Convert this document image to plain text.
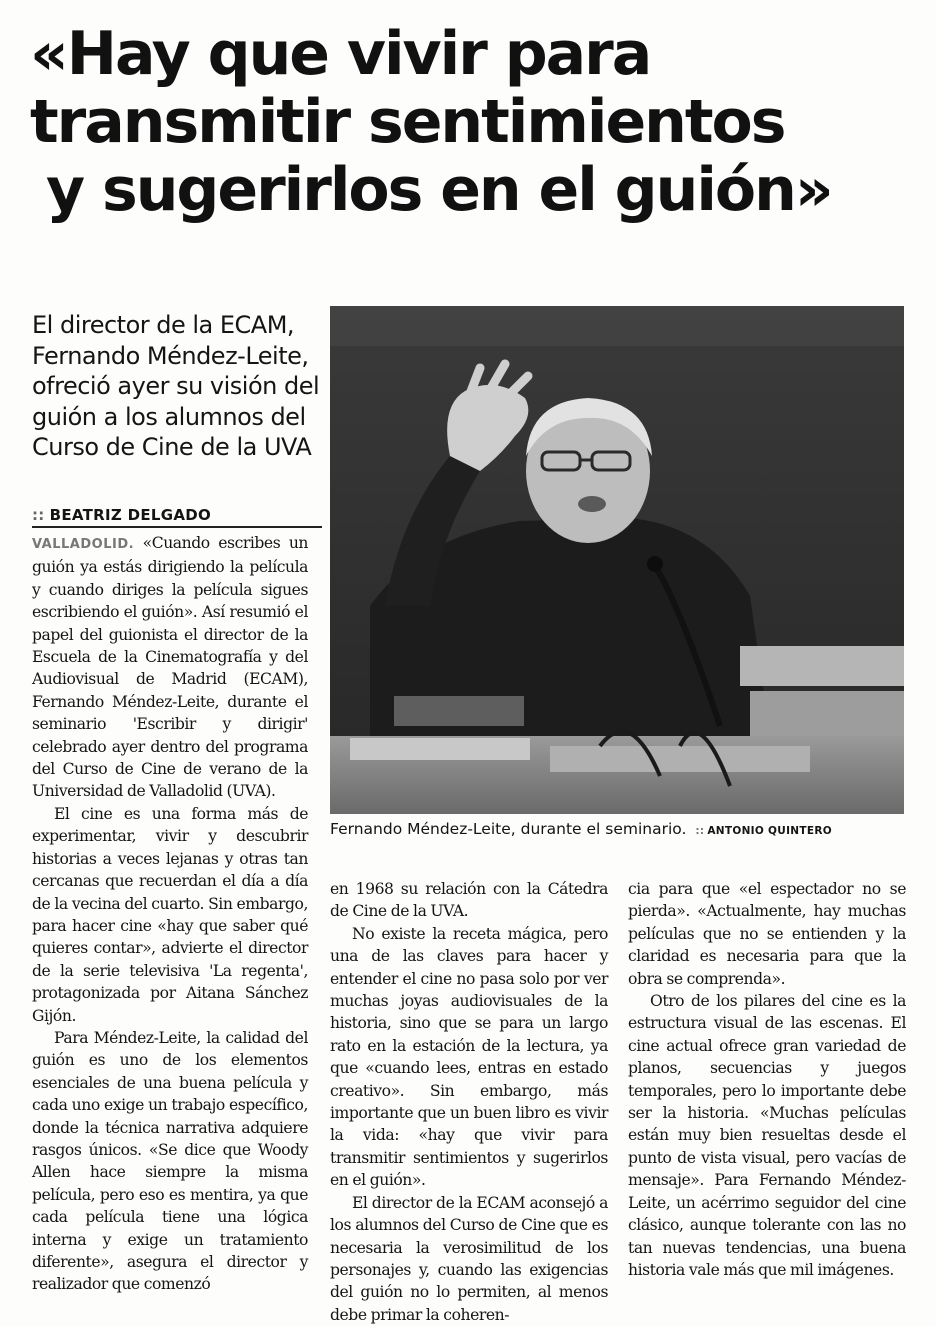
«Hay que vivir para
transmitir sentimientos
y sugerirlos en el guión»
El director de la ECAM, Fernando Méndez-Leite, ofreció ayer su visión del guión a los alumnos del Curso de Cine de la UVA
:: BEATRIZ DELGADO
Fernando Méndez-Leite, durante el seminario. :: ANTONIO QUINTERO

VALLADOLID. «Cuando escribes un guión ya estás dirigiendo la película y cuando diriges la película sigues escribiendo el guión». Así resumió el papel del guionista el director de la Escuela de la Cinematografía y del Audiovisual de Madrid (ECAM), Fernando Méndez-Leite, durante el seminario 'Escribir y dirigir' celebrado ayer dentro del programa del Curso de Cine de verano de la Universidad de Valladolid (UVA).

El cine es una forma más de experimentar, vivir y descubrir historias a veces lejanas y otras tan cercanas que recuerdan el día a día de la vecina del cuarto. Sin embargo, para hacer cine «hay que saber qué quieres contar», advierte el director de la serie televisiva 'La regenta', protagonizada por Aitana Sánchez Gijón.

Para Méndez-Leite, la calidad del guión es uno de los elementos esenciales de una buena película y cada uno exige un trabajo específico, donde la técnica narrativa adquiere rasgos únicos. «Se dice que Woody Allen hace siempre la misma película, pero eso es mentira, ya que cada película tiene una lógica interna y exige un tratamiento diferente», asegura el director y realizador que comenzó

en 1968 su relación con la Cátedra de Cine de la UVA.

No existe la receta mágica, pero una de las claves para hacer y entender el cine no pasa solo por ver muchas joyas audiovisuales de la historia, sino que se para un largo rato en la estación de la lectura, ya que «cuando lees, entras en estado creativo». Sin embargo, más importante que un buen libro es vivir la vida: «hay que vivir para transmitir sentimientos y sugerirlos en el guión».

El director de la ECAM aconsejó a los alumnos del Curso de Cine que es necesaria la verosimilitud de los personajes y, cuando las exigencias del guión no lo permiten, al menos debe primar la coheren-

cia para que «el espectador no se pierda». «Actualmente, hay muchas películas que no se entienden y la claridad es necesaria para que la obra se comprenda».

Otro de los pilares del cine es la estructura visual de las escenas. El cine actual ofrece gran variedad de planos, secuencias y juegos temporales, pero lo importante debe ser la historia. «Muchas películas están muy bien resueltas desde el punto de vista visual, pero vacías de mensaje». Para Fernando Méndez-Leite, un acérrimo seguidor del cine clásico, aunque tolerante con las no tan nuevas tendencias, una buena historia vale más que mil imágenes.
